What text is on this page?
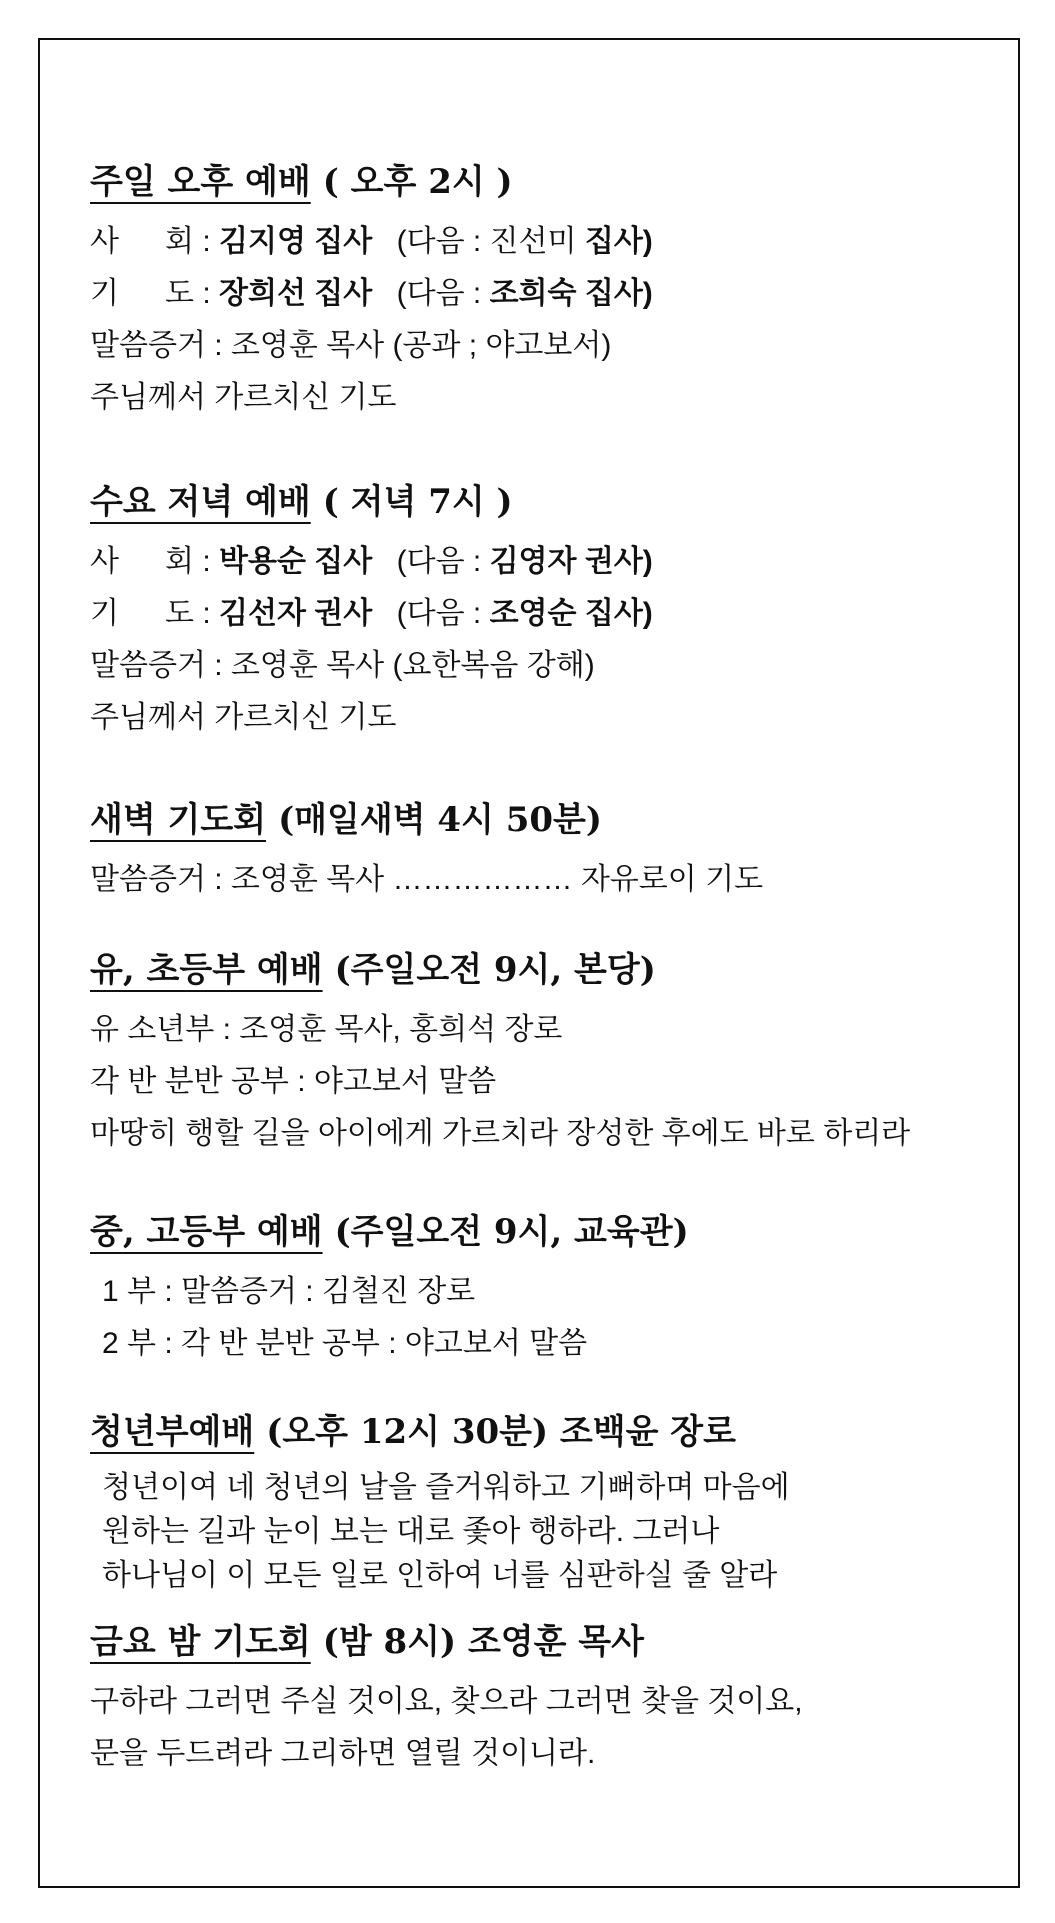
주일 오후 예배 ( 오후 2시 )
사 회 : 김지영 집사 (다음 : 진선미 집사)
기 도 : 장희선 집사 (다음 : 조희숙 집사)
말씀증거 : 조영훈 목사 (공과 ; 야고보서)
주님께서 가르치신 기도
수요 저녁 예배 ( 저녁 7시 )
사 회 : 박용순 집사 (다음 : 김영자 권사)
기 도 : 김선자 권사 (다음 : 조영순 집사)
말씀증거 : 조영훈 목사 (요한복음 강해)
주님께서 가르치신 기도
새벽 기도회 (매일새벽 4시 50분)
말씀증거 : 조영훈 목사 ……………… 자유로이 기도
유, 초등부 예배 (주일오전 9시, 본당)
유 소년부 : 조영훈 목사, 홍희석 장로
각 반 분반 공부 : 야고보서 말씀
마땅히 행할 길을 아이에게 가르치라 장성한 후에도 바로 하리라
중, 고등부 예배 (주일오전 9시, 교육관)
1 부 : 말씀증거 : 김철진 장로
2 부 : 각 반 분반 공부 : 야고보서 말씀
청년부예배 (오후 12시 30분) 조백윤 장로
청년이여 네 청년의 날을 즐거워하고 기뻐하며 마음에
원하는 길과 눈이 보는 대로 좇아 행하라. 그러나
하나님이 이 모든 일로 인하여 너를 심판하실 줄 알라
금요 밤 기도회 (밤 8시) 조영훈 목사
구하라 그러면 주실 것이요, 찾으라 그러면 찾을 것이요,
문을 두드려라 그리하면 열릴 것이니라.
